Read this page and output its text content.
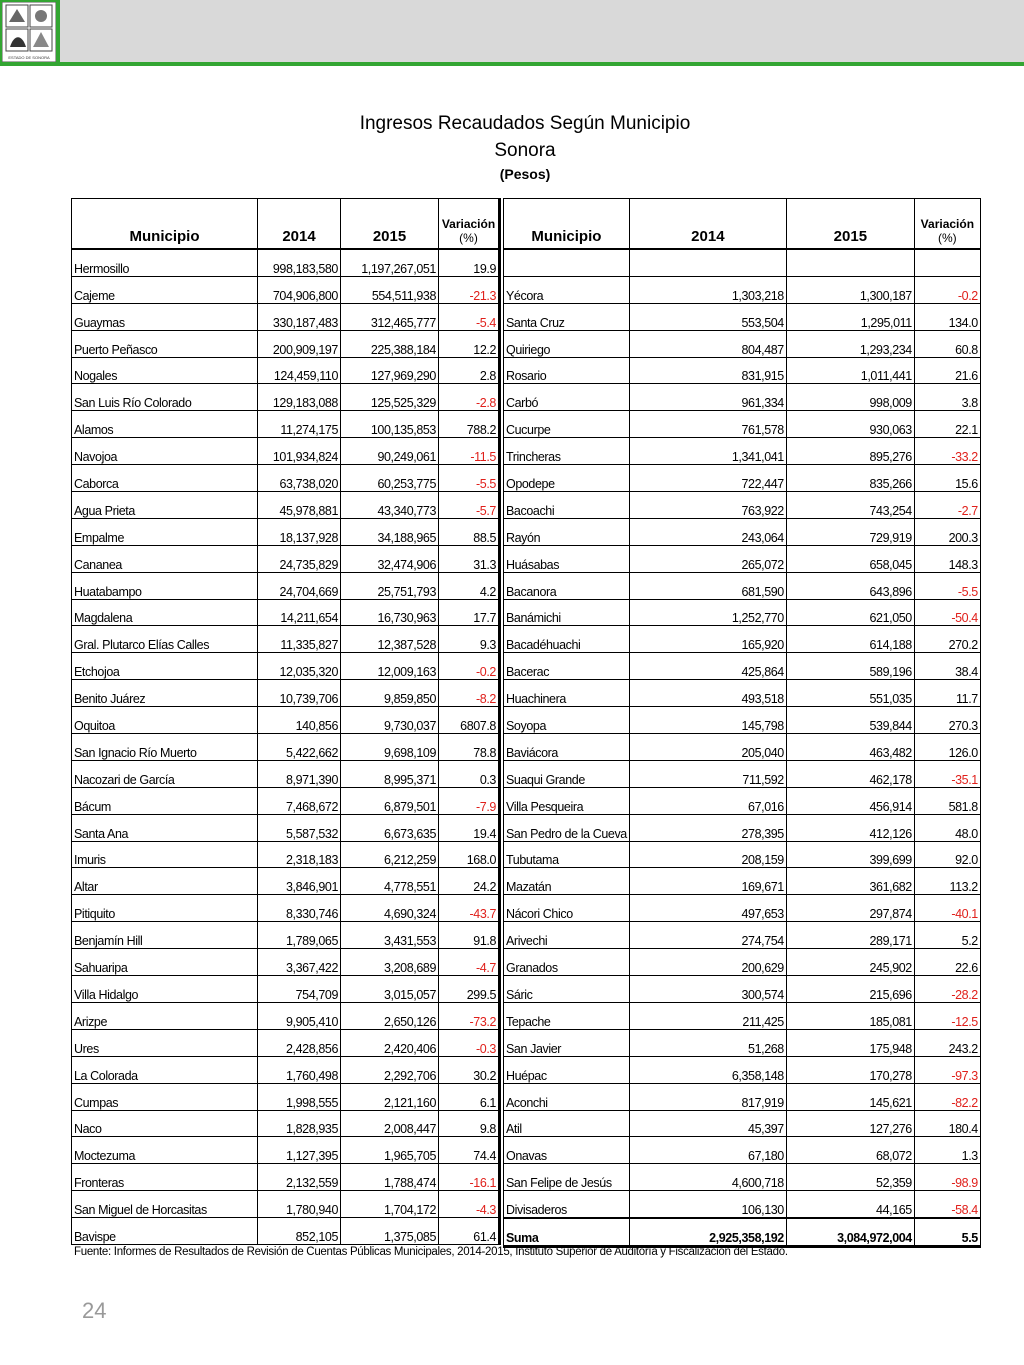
ESTADO DE SONORA
Ingresos Recaudados Según Municipio
Sonora
(Pesos)
Municipio	2014	2015	Variación
(%)

Hermosillo	998,183,580	1,197,267,051	19.9
Cajeme	704,906,800	554,511,938	-21.3
Guaymas	330,187,483	312,465,777	-5.4
Puerto Peñasco	200,909,197	225,388,184	12.2
Nogales	124,459,110	127,969,290	2.8
San Luis Río Colorado	129,183,088	125,525,329	-2.8
Alamos	11,274,175	100,135,853	788.2
Navojoa	101,934,824	90,249,061	-11.5
Caborca	63,738,020	60,253,775	-5.5
Agua Prieta	45,978,881	43,340,773	-5.7
Empalme	18,137,928	34,188,965	88.5
Cananea	24,735,829	32,474,906	31.3
Huatabampo	24,704,669	25,751,793	4.2
Magdalena	14,211,654	16,730,963	17.7
Gral. Plutarco Elías Calles	11,335,827	12,387,528	9.3
Etchojoa	12,035,320	12,009,163	-0.2
Benito Juárez	10,739,706	9,859,850	-8.2
Oquitoa	140,856	9,730,037	6807.8
San Ignacio Río Muerto	5,422,662	9,698,109	78.8
Nacozari de García	8,971,390	8,995,371	0.3
Bácum	7,468,672	6,879,501	-7.9
Santa Ana	5,587,532	6,673,635	19.4
Imuris	2,318,183	6,212,259	168.0
Altar	3,846,901	4,778,551	24.2
Pitiquito	8,330,746	4,690,324	-43.7
Benjamín Hill	1,789,065	3,431,553	91.8
Sahuaripa	3,367,422	3,208,689	-4.7
Villa Hidalgo	754,709	3,015,057	299.5
Arizpe	9,905,410	2,650,126	-73.2
Ures	2,428,856	2,420,406	-0.3
La Colorada	1,760,498	2,292,706	30.2
Cumpas	1,998,555	2,121,160	6.1
Naco	1,828,935	2,008,447	9.8
Moctezuma	1,127,395	1,965,705	74.4
Fronteras	2,132,559	1,788,474	-16.1
San Miguel de Horcasitas	1,780,940	1,704,172	-4.3
Bavispe	852,105	1,375,085	61.4
Municipio	2014	2015	Variación
(%)

Yécora	1,303,218	1,300,187	-0.2
Santa Cruz	553,504	1,295,011	134.0
Quiriego	804,487	1,293,234	60.8
Rosario	831,915	1,011,441	21.6
Carbó	961,334	998,009	3.8
Cucurpe	761,578	930,063	22.1
Trincheras	1,341,041	895,276	-33.2
Opodepe	722,447	835,266	15.6
Bacoachi	763,922	743,254	-2.7
Rayón	243,064	729,919	200.3
Huásabas	265,072	658,045	148.3
Bacanora	681,590	643,896	-5.5
Banámichi	1,252,770	621,050	-50.4
Bacadéhuachi	165,920	614,188	270.2
Bacerac	425,864	589,196	38.4
Huachinera	493,518	551,035	11.7
Soyopa	145,798	539,844	270.3
Baviácora	205,040	463,482	126.0
Suaqui Grande	711,592	462,178	-35.1
Villa Pesqueira	67,016	456,914	581.8
San Pedro de la Cueva	278,395	412,126	48.0
Tubutama	208,159	399,699	92.0
Mazatán	169,671	361,682	113.2
Nácori Chico	497,653	297,874	-40.1
Arivechi	274,754	289,171	5.2
Granados	200,629	245,902	22.6
Sáric	300,574	215,696	-28.2
Tepache	211,425	185,081	-12.5
San Javier	51,268	175,948	243.2
Huépac	6,358,148	170,278	-97.3
Aconchi	817,919	145,621	-82.2
Atil	45,397	127,276	180.4
Onavas	67,180	68,072	1.3
San Felipe de Jesús	4,600,718	52,359	-98.9
Divisaderos	106,130	44,165	-58.4
Suma	2,925,358,192	3,084,972,004	5.5
Fuente: Informes de Resultados de Revisión de Cuentas Públicas Municipales, 2014-2015, Instituto Superior de Auditoría y Fiscalización del Estado.
24
